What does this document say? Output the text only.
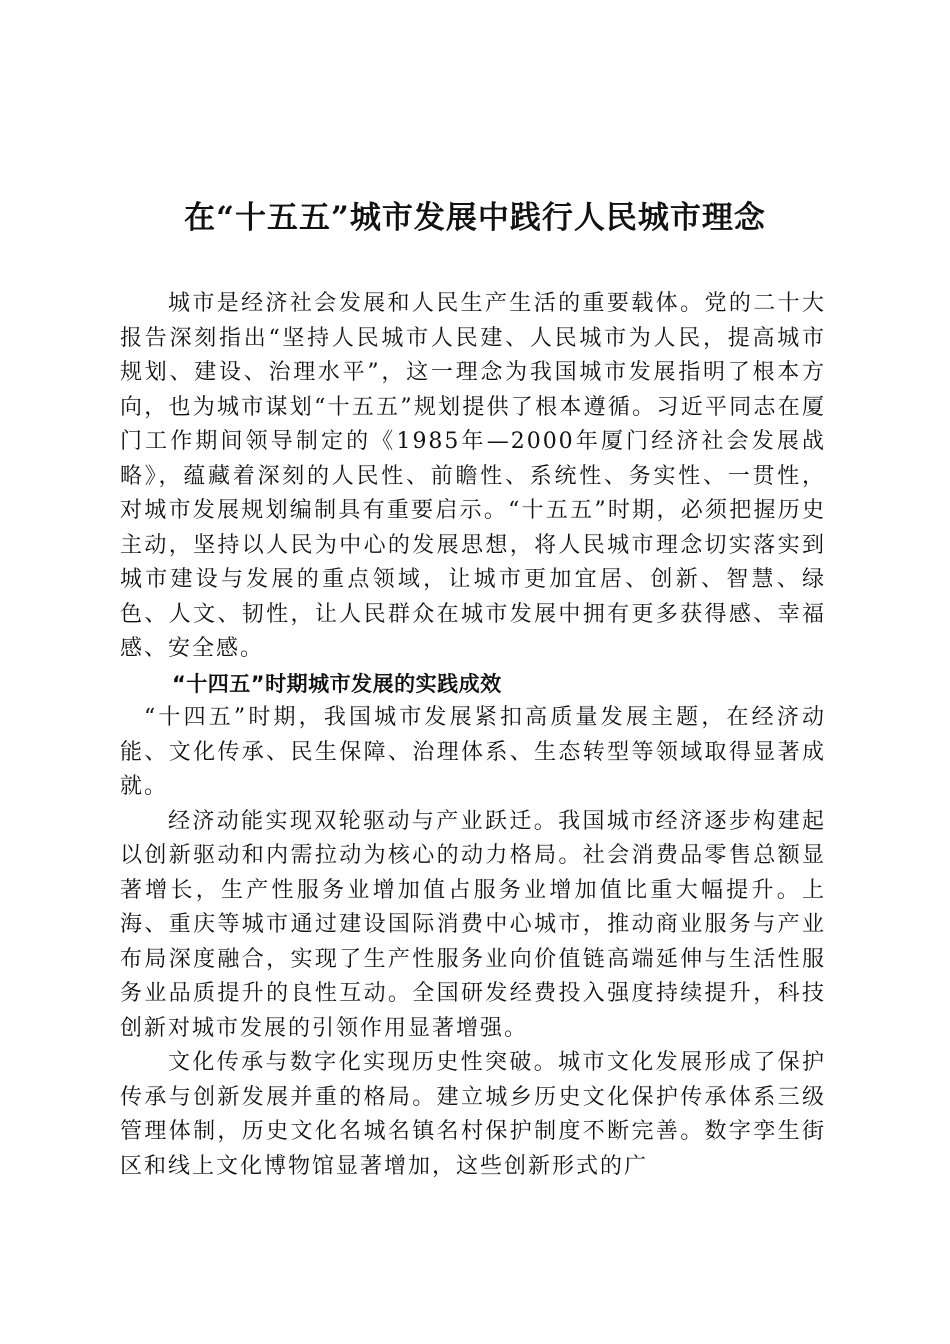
在“十五五”城市发展中践行人民城市理念

城市是经济社会发展和人民生产生活的重要载体。党的二十大报告深刻指出“坚持人民城市人民建、人民城市为人民，提高城市规划、建设、治理水平”，这一理念为我国城市发展指明了根本方向，也为城市谋划“十五五”规划提供了根本遵循。习近平同志在厦门工作期间领导制定的《1985年—2000年厦门经济社会发展战略》，蕴藏着深刻的人民性、前瞻性、系统性、务实性、一贯性，对城市发展规划编制具有重要启示。“十五五”时期，必须把握历史主动，坚持以人民为中心的发展思想，将人民城市理念切实落实到城市建设与发展的重点领域，让城市更加宜居、创新、智慧、绿色、人文、韧性，让人民群众在城市发展中拥有更多获得感、幸福感、安全感。

“十四五”时期城市发展的实践成效

“十四五”时期，我国城市发展紧扣高质量发展主题，在经济动能、文化传承、民生保障、治理体系、生态转型等领域取得显著成就。

经济动能实现双轮驱动与产业跃迁。我国城市经济逐步构建起以创新驱动和内需拉动为核心的动力格局。社会消费品零售总额显著增长，生产性服务业增加值占服务业增加值比重大幅提升。上海、重庆等城市通过建设国际消费中心城市，推动商业服务与产业布局深度融合，实现了生产性服务业向价值链高端延伸与生活性服务业品质提升的良性互动。全国研发经费投入强度持续提升，科技创新对城市发展的引领作用显著增强。

文化传承与数字化实现历史性突破。城市文化发展形成了保护传承与创新发展并重的格局。建立城乡历史文化保护传承体系三级管理体制，历史文化名城名镇名村保护制度不断完善。数字孪生街区和线上文化博物馆显著增加，这些创新形式的广
